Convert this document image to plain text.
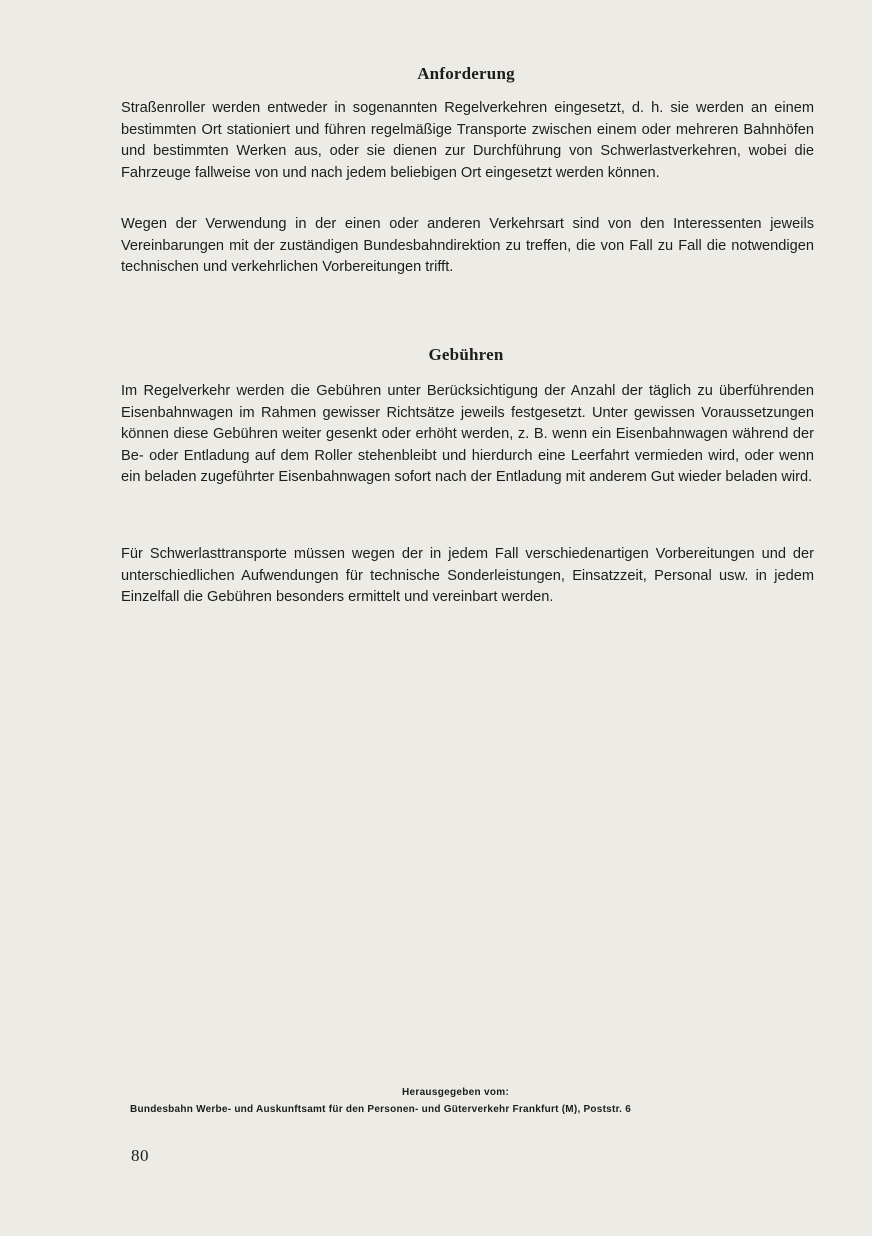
Anforderung

Straßenroller werden entweder in sogenannten Regelverkehren eingesetzt, d. h. sie werden an einem bestimmten Ort stationiert und führen regelmäßige Transporte zwischen einem oder mehreren Bahnhöfen und bestimmten Werken aus, oder sie dienen zur Durchführung von Schwerlastverkehren, wobei die Fahrzeuge fallweise von und nach jedem beliebigen Ort eingesetzt werden können.

Wegen der Verwendung in der einen oder anderen Verkehrsart sind von den Interessenten jeweils Vereinbarungen mit der zuständigen Bundesbahndirektion zu treffen, die von Fall zu Fall die notwendigen technischen und verkehrlichen Vorbereitungen trifft.

Gebühren

Im Regelverkehr werden die Gebühren unter Berücksichtigung der Anzahl der täglich zu überführenden Eisenbahnwagen im Rahmen gewisser Richtsätze jeweils festgesetzt. Unter gewissen Voraussetzungen können diese Gebühren weiter gesenkt oder erhöht werden, z. B. wenn ein Eisenbahnwagen während der Be- oder Entladung auf dem Roller stehenbleibt und hierdurch eine Leerfahrt vermieden wird, oder wenn ein beladen zugeführter Eisenbahnwagen sofort nach der Entladung mit anderem Gut wieder beladen wird.

Für Schwerlasttransporte müssen wegen der in jedem Fall verschiedenartigen Vorbereitungen und der unterschiedlichen Aufwendungen für technische Sonderleistungen, Einsatzzeit, Personal usw. in jedem Einzelfall die Gebühren besonders ermittelt und vereinbart werden.

Herausgegeben vom:
Bundesbahn Werbe- und Auskunftsamt für den Personen- und Güterverkehr Frankfurt (M), Poststr. 6
80
